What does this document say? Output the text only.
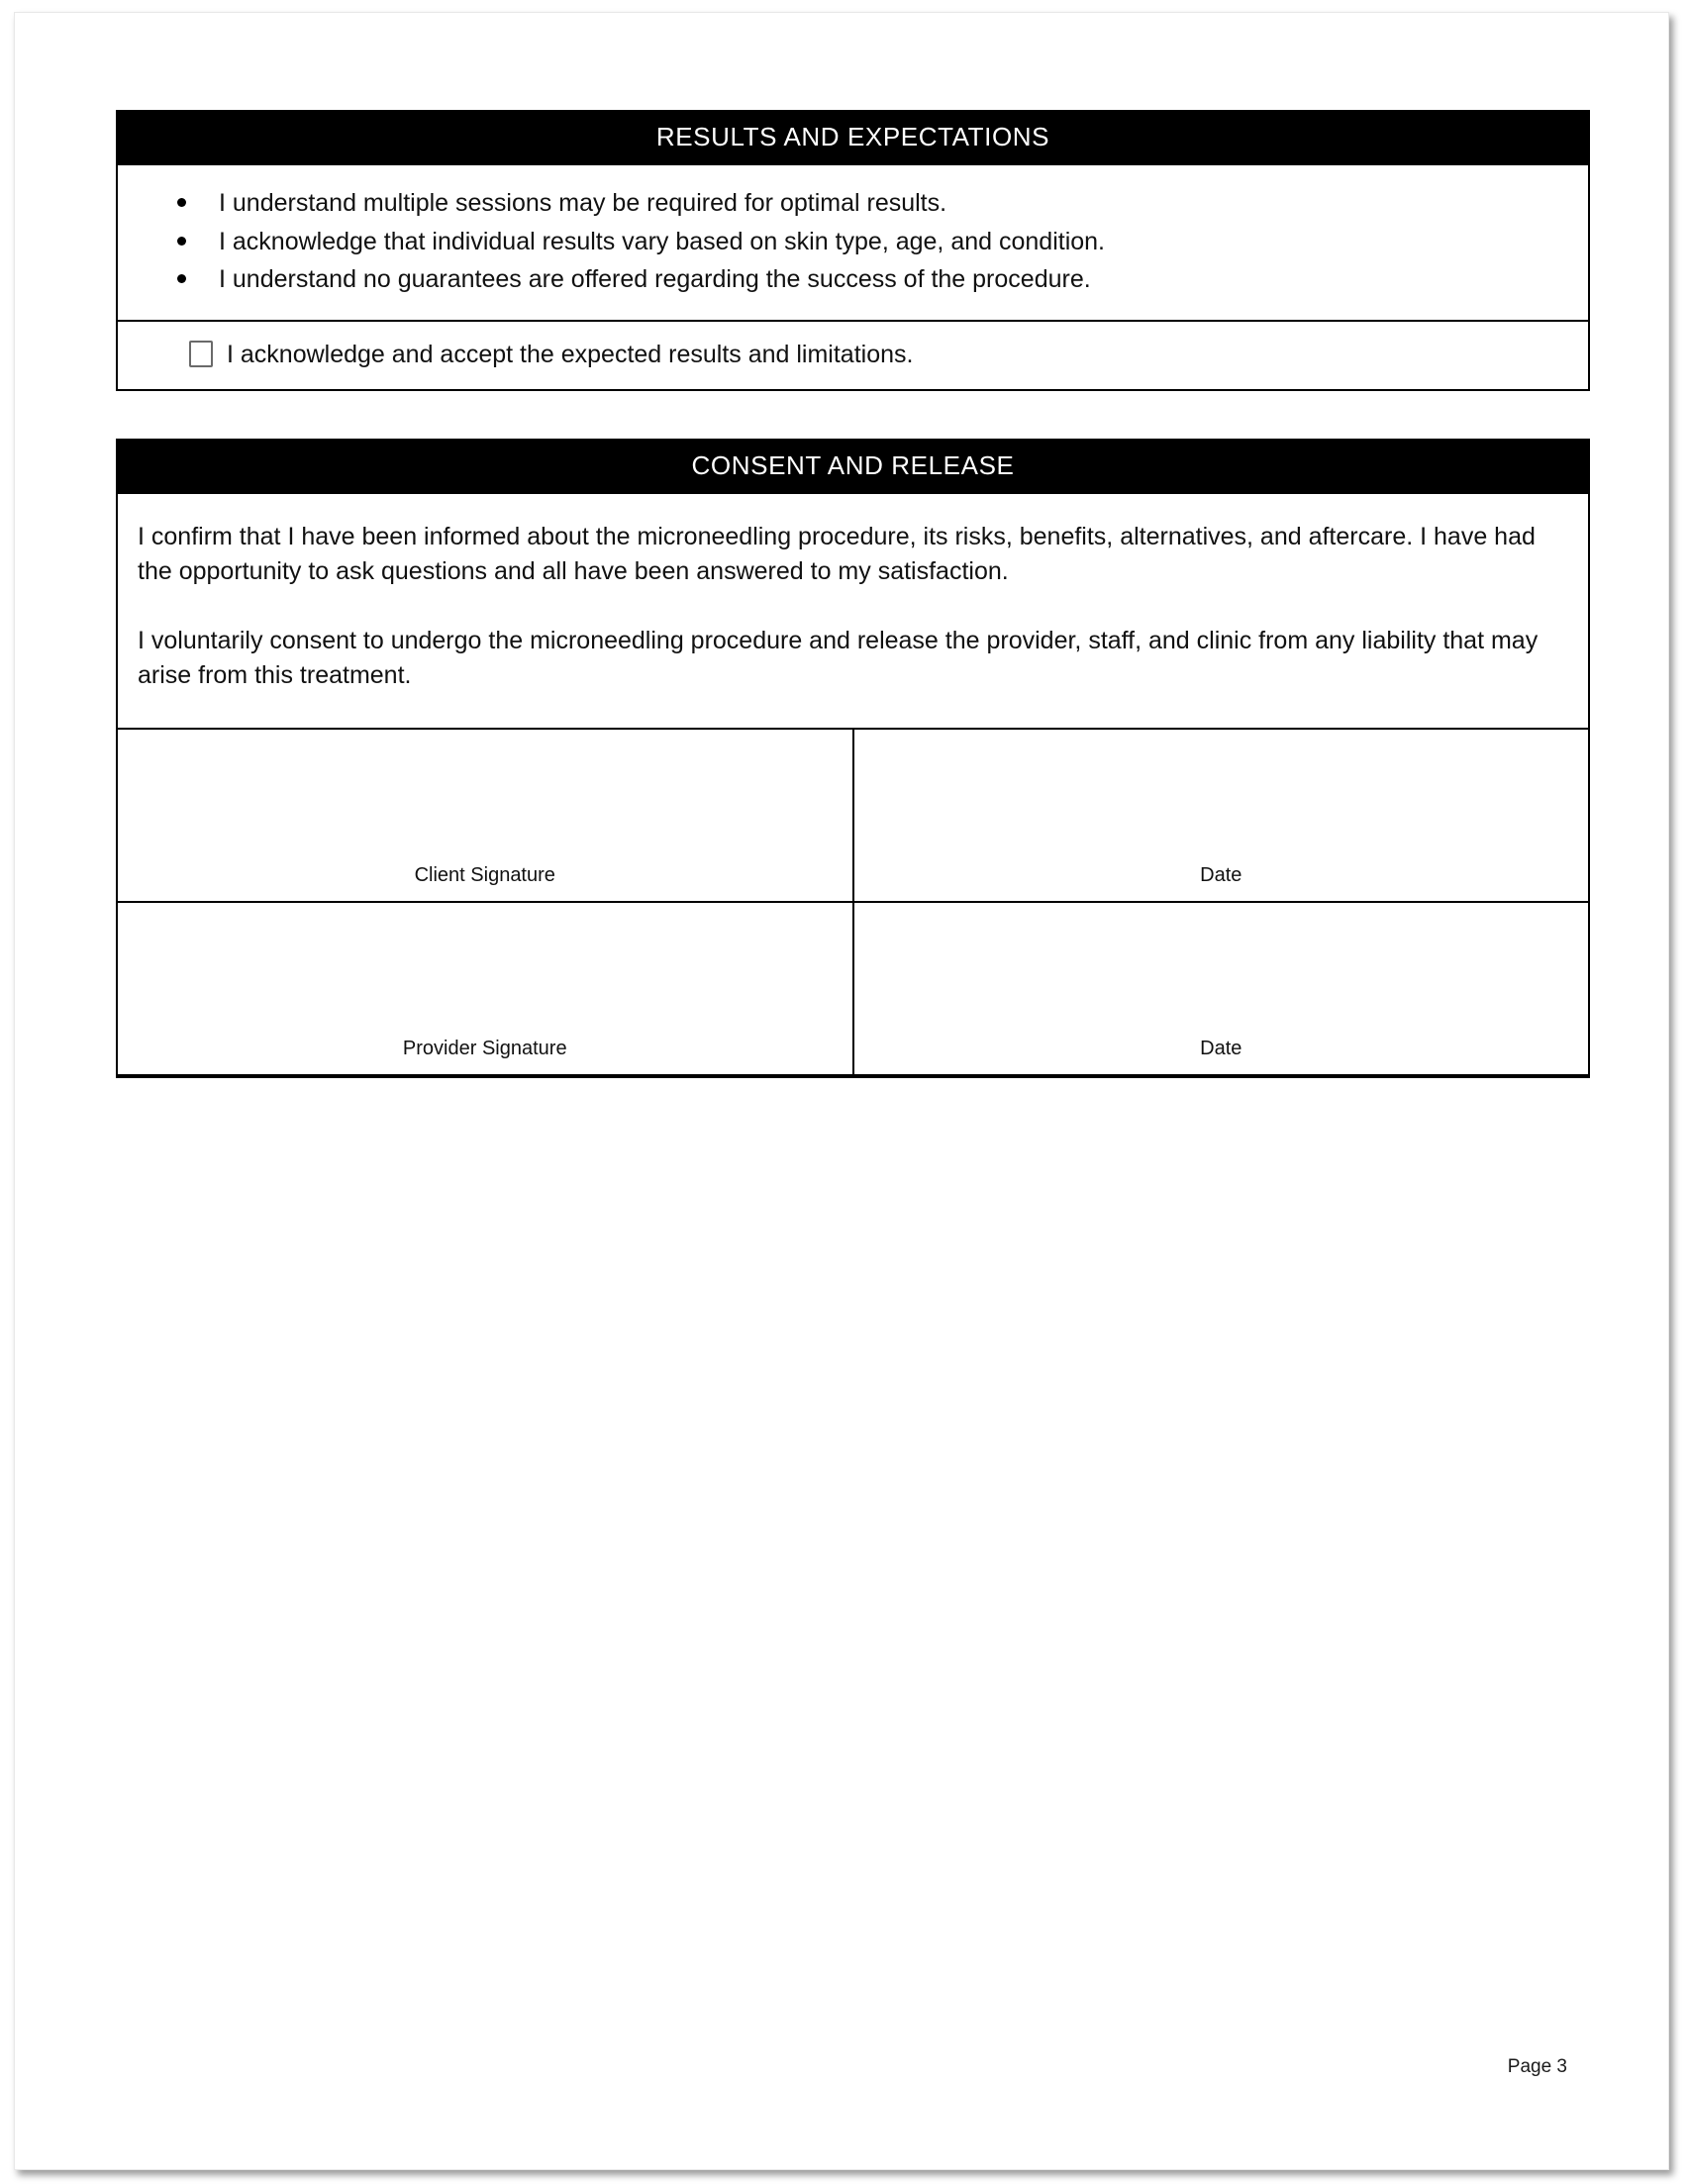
RESULTS AND EXPECTATIONS
I understand multiple sessions may be required for optimal results.
I acknowledge that individual results vary based on skin type, age, and condition.
I understand no guarantees are offered regarding the success of the procedure.
I acknowledge and accept the expected results and limitations.
CONSENT AND RELEASE

I confirm that I have been informed about the microneedling procedure, its risks, benefits, alternatives, and aftercare. I have had the opportunity to ask questions and all have been answered to my satisfaction.

I voluntarily consent to undergo the microneedling procedure and release the provider, staff, and clinic from any liability that may arise from this treatment.

Client Signature	Date

Provider Signature	Date
Page 3
